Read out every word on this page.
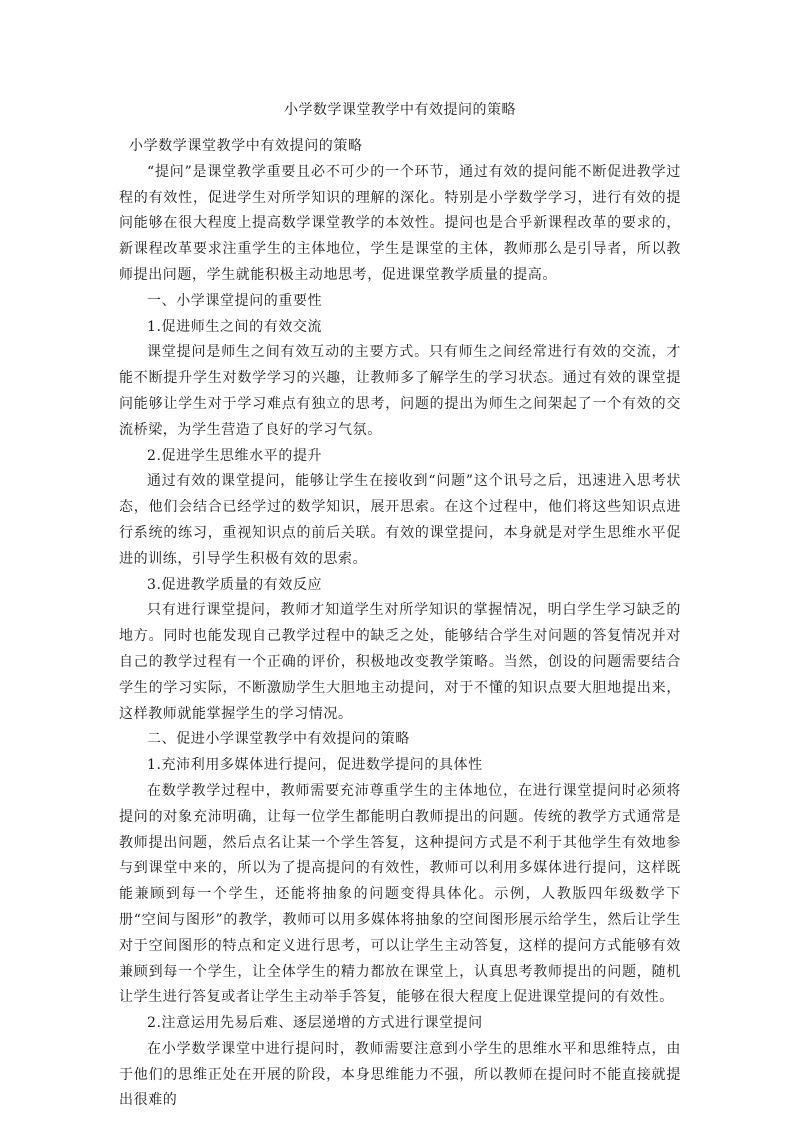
小学数学课堂教学中有效提问的策略

小学数学课堂教学中有效提问的策略

“提问”是课堂教学重要且必不可少的一个环节，通过有效的提问能不断促进教学过程的有效性，促进学生对所学知识的理解的深化。特别是小学数学学习，进行有效的提问能够在很大程度上提高数学课堂教学的本效性。提问也是合乎新课程改革的要求的，新课程改革要求注重学生的主体地位，学生是课堂的主体，教师那么是引导者，所以教师提出问题，学生就能积极主动地思考，促进课堂教学质量的提高。

一、小学课堂提问的重要性

1.促进师生之间的有效交流

课堂提问是师生之间有效互动的主要方式。只有师生之间经常进行有效的交流，才能不断提升学生对数学学习的兴趣，让教师多了解学生的学习状态。通过有效的课堂提问能够让学生对于学习难点有独立的思考，问题的提出为师生之间架起了一个有效的交流桥梁，为学生营造了良好的学习气氛。

2.促进学生思维水平的提升

通过有效的课堂提问，能够让学生在接收到“问题”这个讯号之后，迅速进入思考状态，他们会结合已经学过的数学知识，展开思索。在这个过程中，他们将这些知识点进行系统的练习，重视知识点的前后关联。有效的课堂提问，本身就是对学生思维水平促进的训练，引导学生积极有效的思索。

3.促进教学质量的有效反应

只有进行课堂提问，教师才知道学生对所学知识的掌握情况，明白学生学习缺乏的地方。同时也能发现自己教学过程中的缺乏之处，能够结合学生对问题的答复情况并对自己的教学过程有一个正确的评价，积极地改变教学策略。当然，创设的问题需要结合学生的学习实际，不断激励学生大胆地主动提问，对于不懂的知识点要大胆地提出来，这样教师就能掌握学生的学习情况。

二、促进小学课堂教学中有效提问的策略

1.充沛利用多媒体进行提问，促进数学提问的具体性

在数学教学过程中，教师需要充沛尊重学生的主体地位，在进行课堂提问时必须将提问的对象充沛明确，让每一位学生都能明白教师提出的问题。传统的教学方式通常是教师提出问题，然后点名让某一个学生答复，这种提问方式是不利于其他学生有效地参与到课堂中来的，所以为了提高提问的有效性，教师可以利用多媒体进行提问，这样既能兼顾到每一个学生，还能将抽象的问题变得具体化。示例，人教版四年级数学下册“空间与图形”的教学，教师可以用多媒体将抽象的空间图形展示给学生，然后让学生对于空间图形的特点和定义进行思考，可以让学生主动答复，这样的提问方式能够有效兼顾到每一个学生，让全体学生的精力都放在课堂上，认真思考教师提出的问题，随机让学生进行答复或者让学生主动举手答复，能够在很大程度上促进课堂提问的有效性。

2.注意运用先易后难、逐层递增的方式进行课堂提问

在小学数学课堂中进行提问时，教师需要注意到小学生的思维水平和思维特点，由于他们的思维正处在开展的阶段，本身思维能力不强，所以教师在提问时不能直接就提出很难的
